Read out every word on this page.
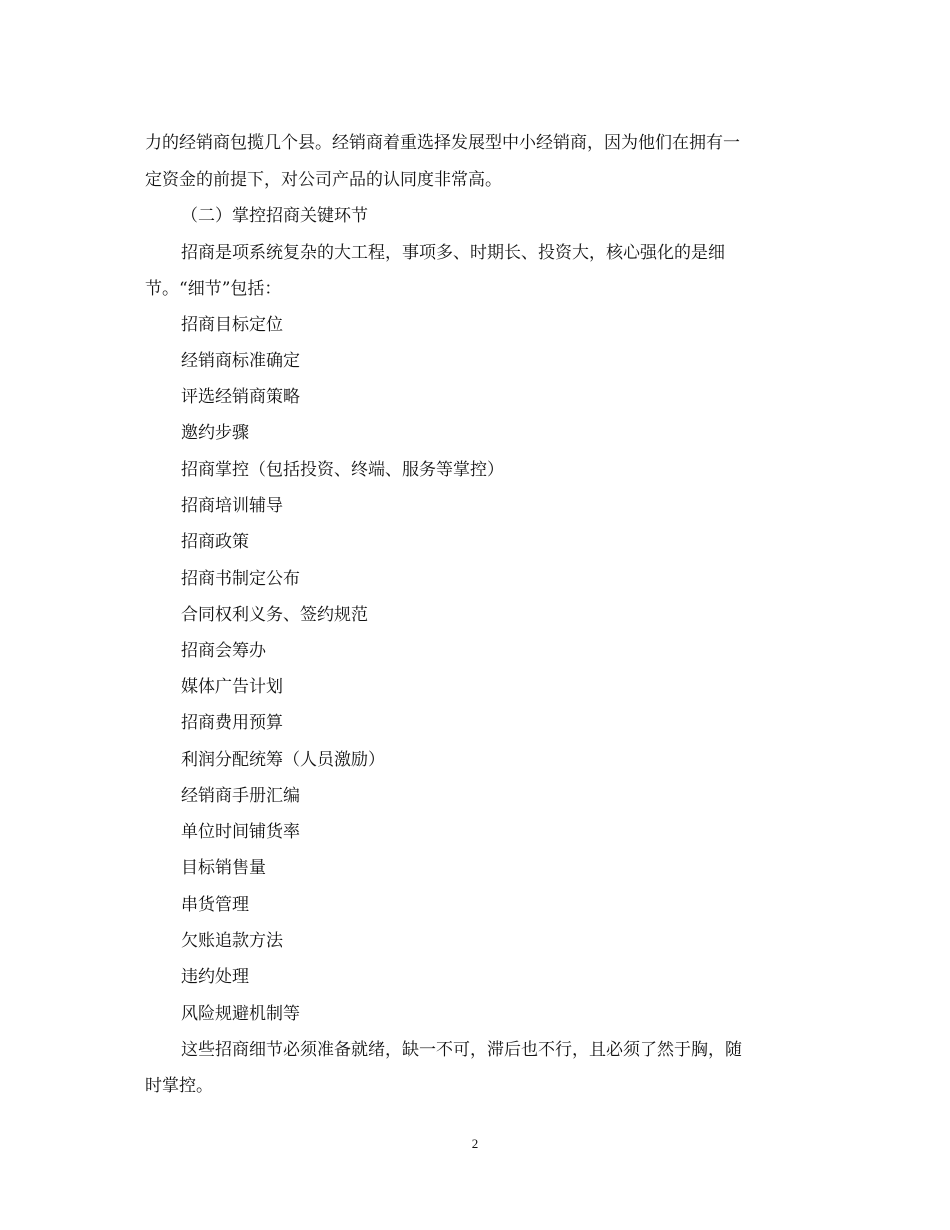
力的经销商包揽几个县。经销商着重选择发展型中小经销商，因为他们在拥有一
定资金的前提下，对公司产品的认同度非常高。
（二）掌控招商关键环节
招商是项系统复杂的大工程，事项多、时期长、投资大，核心强化的是细
节。“细节”包括：
招商目标定位
经销商标准确定
评选经销商策略
邀约步骤
招商掌控（包括投资、终端、服务等掌控）
招商培训辅导
招商政策
招商书制定公布
合同权利义务、签约规范
招商会筹办
媒体广告计划
招商费用预算
利润分配统筹（人员激励）
经销商手册汇编
单位时间铺货率
目标销售量
串货管理
欠账追款方法
违约处理
风险规避机制等
这些招商细节必须准备就绪，缺一不可，滞后也不行，且必须了然于胸，随
时掌控。
2
